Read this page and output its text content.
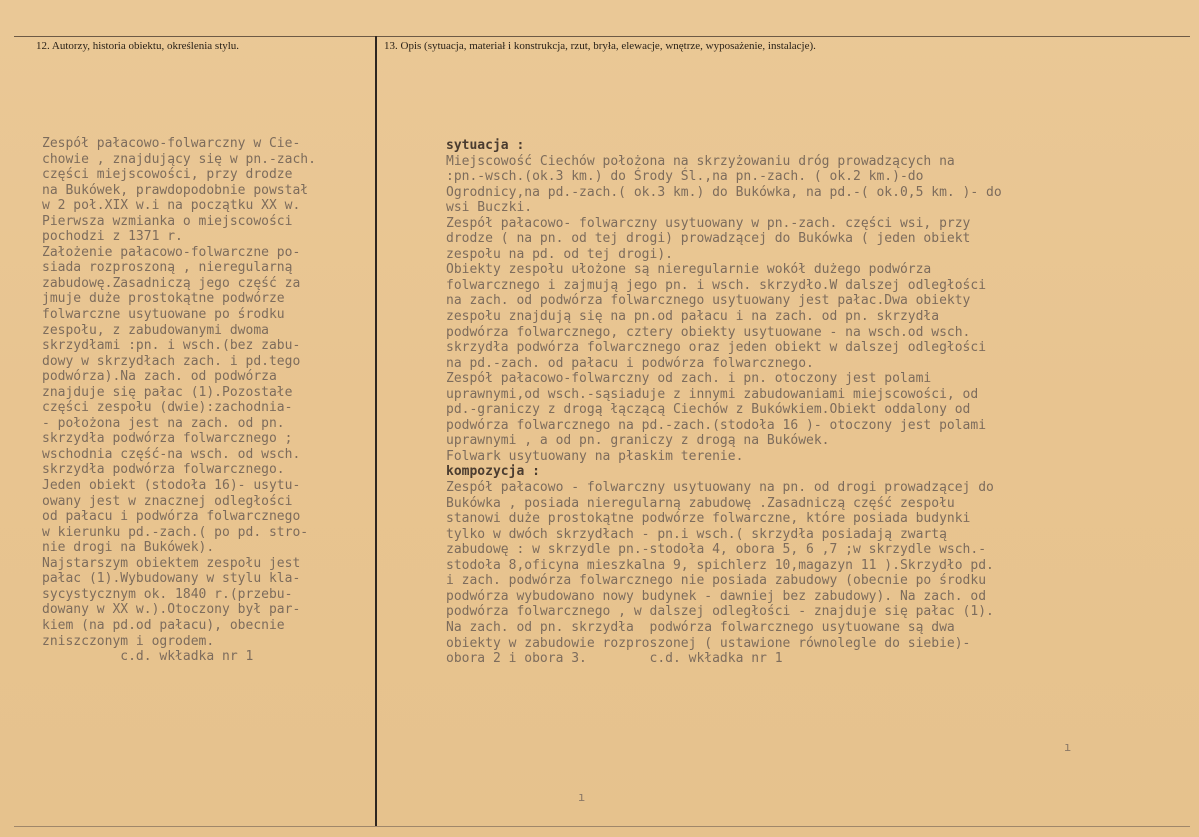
12. Autorzy, historia obiektu, określenia stylu.	13. Opis (sytuacja, materiał i konstrukcja, rzut, bryła, elewacje, wnętrze, wyposażenie, instalacje).
Zespół pałacowo-folwarczny w Cie-
chowie , znajdujący się w pn.-zach.
części miejscowości, przy drodze
na Bukówek, prawdopodobnie powstał
w 2 poł.XIX w.i na początku XX w.
Pierwsza wzmianka o miejscowości
pochodzi z 1371 r.
Założenie pałacowo-folwarczne po-
siada rozproszoną , nieregularną
zabudowę.Zasadniczą jego część za
jmuje duże prostokątne podwórze
folwarczne usytuowane po środku
zespołu, z zabudowanymi dwoma
skrzydłami :pn. i wsch.(bez zabu-
dowy w skrzydłach zach. i pd.tego
podwórza).Na zach. od podwórza
znajduje się pałac (1).Pozostałe
części zespołu (dwie):zachodnia-
- położona jest na zach. od pn.
skrzydła podwórza folwarcznego ;
wschodnia część-na wsch. od wsch.
skrzydła podwórza folwarcznego.
Jeden obiekt (stodoła 16)- usytu-
owany jest w znacznej odległości
od pałacu i podwórza folwarcznego
w kierunku pd.-zach.( po pd. stro-
nie drogi na Bukówek).
Najstarszym obiektem zespołu jest
pałac (1).Wybudowany w stylu kla-
sycystycznym ok. 1840 r.(przebu-
dowany w XX w.).Otoczony był par-
kiem (na pd.od pałacu), obecnie
zniszczonym i ogrodem.
c.d. wkładka nr 1
sytuacja :
Miejscowość Ciechów położona na skrzyżowaniu dróg prowadzących na
:pn.-wsch.(ok.3 km.) do Środy Śl.,na pn.-zach. ( ok.2 km.)-do
Ogrodnicy,na pd.-zach.( ok.3 km.) do Bukówka, na pd.-( ok.0,5 km. )- do
wsi Buczki.
Zespół pałacowo- folwarczny usytuowany w pn.-zach. części wsi, przy
drodze ( na pn. od tej drogi) prowadzącej do Bukówka ( jeden obiekt
zespołu na pd. od tej drogi).
Obiekty zespołu ułożone są nieregularnie wokół dużego podwórza
folwarcznego i zajmują jego pn. i wsch. skrzydło.W dalszej odległości
na zach. od podwórza folwarcznego usytuowany jest pałac.Dwa obiekty
zespołu znajdują się na pn.od pałacu i na zach. od pn. skrzydła
podwórza folwarcznego, cztery obiekty usytuowane - na wsch.od wsch.
skrzydła podwórza folwarcznego oraz jeden obiekt w dalszej odległości
na pd.-zach. od pałacu i podwórza folwarcznego.
Zespół pałacowo-folwarczny od zach. i pn. otoczony jest polami
uprawnymi,od wsch.-sąsiaduje z innymi zabudowaniami miejscowości, od
pd.-graniczy z drogą łączącą Ciechów z Bukówkiem.Obiekt oddalony od
podwórza folwarcznego na pd.-zach.(stodoła 16 )- otoczony jest polami
uprawnymi , a od pn. graniczy z drogą na Bukówek.
Folwark usytuowany na płaskim terenie.
kompozycja :
Zespół pałacowo - folwarczny usytuowany na pn. od drogi prowadzącej do
Bukówka , posiada nieregularną zabudowę .Zasadniczą część zespołu
stanowi duże prostokątne podwórze folwarczne, które posiada budynki
tylko w dwóch skrzydłach - pn.i wsch.( skrzydła posiadają zwartą
zabudowę : w skrzydle pn.-stodoła 4, obora 5, 6 ,7 ;w skrzydle wsch.-
stodoła 8,oficyna mieszkalna 9, spichlerz 10,magazyn 11 ).Skrzydło pd.
i zach. podwórza folwarcznego nie posiada zabudowy (obecnie po środku
podwórza wybudowano nowy budynek - dawniej bez zabudowy). Na zach. od
podwórza folwarcznego , w dalszej odległości - znajduje się pałac (1).
Na zach. od pn. skrzydła  podwórza folwarcznego usytuowane są dwa
obiekty w zabudowie rozproszonej ( ustawione równolegle do siebie)-
obora 2 i obora 3.        c.d. wkładka nr 1
ı
ı
